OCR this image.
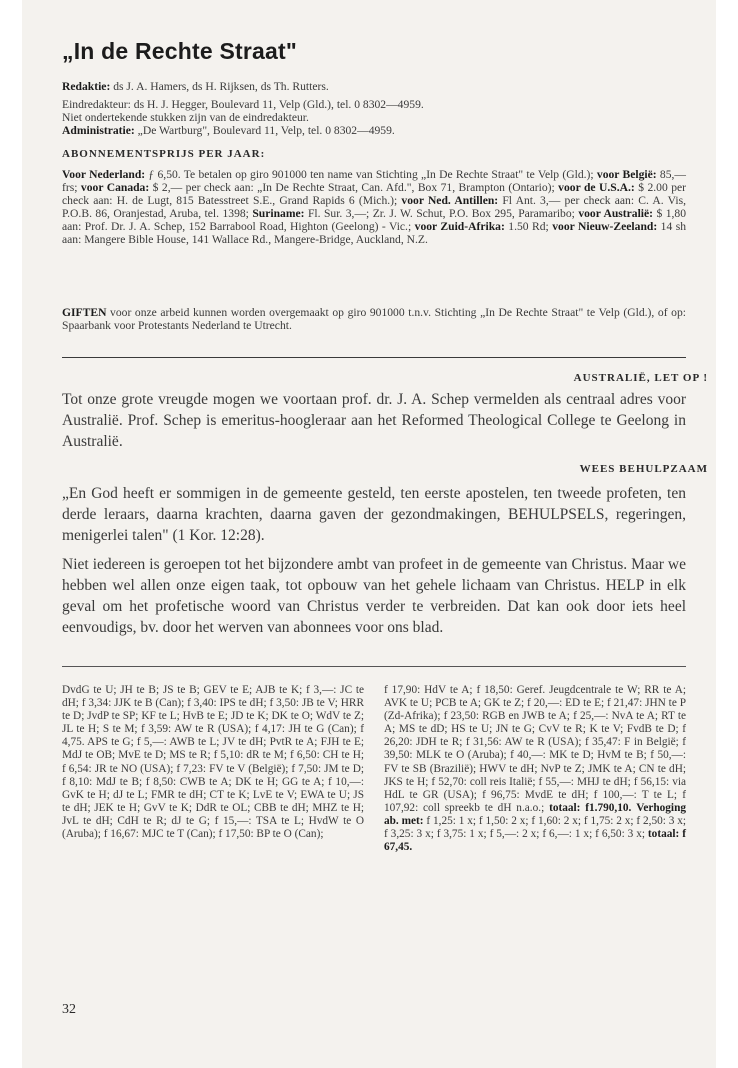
„In de Rechte Straat"

Redaktie: ds J. A. Hamers, ds H. Rijksen, ds Th. Rutters.

Eindredakteur: ds H. J. Hegger, Boulevard 11, Velp (Gld.), tel. 0 8302—4959.

Niet ondertekende stukken zijn van de eindredakteur.

Administratie: „De Wartburg", Boulevard 11, Velp, tel. 0 8302—4959.

ABONNEMENTSPRIJS PER JAAR:

Voor Nederland: ƒ 6,50. Te betalen op giro 901000 ten name van Stichting „In De Rechte Straat" te Velp (Gld.); voor België: 85,— frs; voor Canada: $ 2,— per check aan: „In De Rechte Straat, Can. Afd.", Box 71, Brampton (Ontario); voor de U.S.A.: $ 2.00 per check aan: H. de Lugt, 815 Batesstreet S.E., Grand Rapids 6 (Mich.); voor Ned. Antillen: Fl Ant. 3,— per check aan: C. A. Vis, P.O.B. 86, Oranjestad, Aruba, tel. 1398; Suriname: Fl. Sur. 3,—; Zr. J. W. Schut, P.O. Box 295, Paramaribo; voor Australië: $ 1,80 aan: Prof. Dr. J. A. Schep, 152 Barrabool Road, Highton (Geelong) - Vic.; voor Zuid-Afrika: 1.50 Rd; voor Nieuw-Zeeland: 14 sh aan: Mangere Bible House, 141 Wallace Rd., Mangere-Bridge, Auckland, N.Z.

GIFTEN voor onze arbeid kunnen worden overgemaakt op giro 901000 t.n.v. Stichting „In De Rechte Straat" te Velp (Gld.), of op: Spaarbank voor Protestants Nederland te Utrecht.

AUSTRALIË, LET OP !

Tot onze grote vreugde mogen we voortaan prof. dr. J. A. Schep vermelden als centraal adres voor Australië. Prof. Schep is emeritus-hoogleraar aan het Reformed Theological College te Geelong in Australië.

WEES BEHULPZAAM

„En God heeft er sommigen in de gemeente gesteld, ten eerste apostelen, ten tweede profeten, ten derde leraars, daarna krachten, daarna gaven der gezondmakingen, BEHULPSELS, regeringen, menigerlei talen" (1 Kor. 12:28).

Niet iedereen is geroepen tot het bijzondere ambt van profeet in de gemeente van Christus. Maar we hebben wel allen onze eigen taak, tot opbouw van het gehele lichaam van Christus. HELP in elk geval om het profetische woord van Christus verder te verbreiden. Dat kan ook door iets heel eenvoudigs, bv. door het werven van abonnees voor ons blad.

DvdG te U; JH te B; JS te B; GEV te E; AJB te K; f 3,—: JC te dH; f 3,34: JJK te B (Can); f 3,40: IPS te dH; f 3,50: JB te V; HRR te D; JvdP te SP; KF te L; HvB te E; JD te K; DK te O; WdV te Z; JL te H; S te M; f 3,59: AW te R (USA); f 4,17: JH te G (Can); f 4,75. APS te G; f 5,—: AWB te L; JV te dH; PvtR te A; FJH te E; MdJ te OB; MvE te D; MS te R; f 5,10: dR te M; f 6,50: CH te H; f 6,54: JR te NO (USA); f 7,23: FV te V (België); f 7,50: JM te D; f 8,10: MdJ te B; f 8,50: CWB te A; DK te H; GG te A; f 10,—: GvK te H; dJ te L; FMR te dH; CT te K; LvE te V; EWA te U; JS te dH; JEK te H; GvV te K; DdR te OL; CBB te dH; MHZ te H; JvL te dH; CdH te R; dJ te G; f 15,—: TSA te L; HvdW te O (Aruba); f 16,67: MJC te T (Can); f 17,50: BP te O (Can);

f 17,90: HdV te A; f 18,50: Geref. Jeugdcentrale te W; RR te A; AVK te U; PCB te A; GK te Z; f 20,—: ED te E; f 21,47: JHN te P (Zd-Afrika); f 23,50: RGB en JWB te A; f 25,—: NvA te A; RT te A; MS te dD; HS te U; JN te G; CvV te R; K te V; FvdB te D; f 26,20: JDH te R; f 31,56: AW te R (USA); f 35,47: F in België; f 39,50: MLK te O (Aruba); f 40,—: MK te D; HvM te B; f 50,—: FV te SB (Brazilië); HWV te dH; NvP te Z; JMK te A; CN te dH; JKS te H; f 52,70: coll reis Italië; f 55,—: MHJ te dH; f 56,15: via HdL te GR (USA); f 96,75: MvdE te dH; f 100,—: T te L; f 107,92: coll spreekb te dH n.a.o.; totaal: f1.790,10. Verhoging ab. met: f 1,25: 1 x; f 1,50: 2 x; f 1,60: 2 x; f 1,75: 2 x; f 2,50: 3 x; f 3,25: 3 x; f 3,75: 1 x; f 5,—: 2 x; f 6,—: 1 x; f 6,50: 3 x; totaal: f 67,45.

32
